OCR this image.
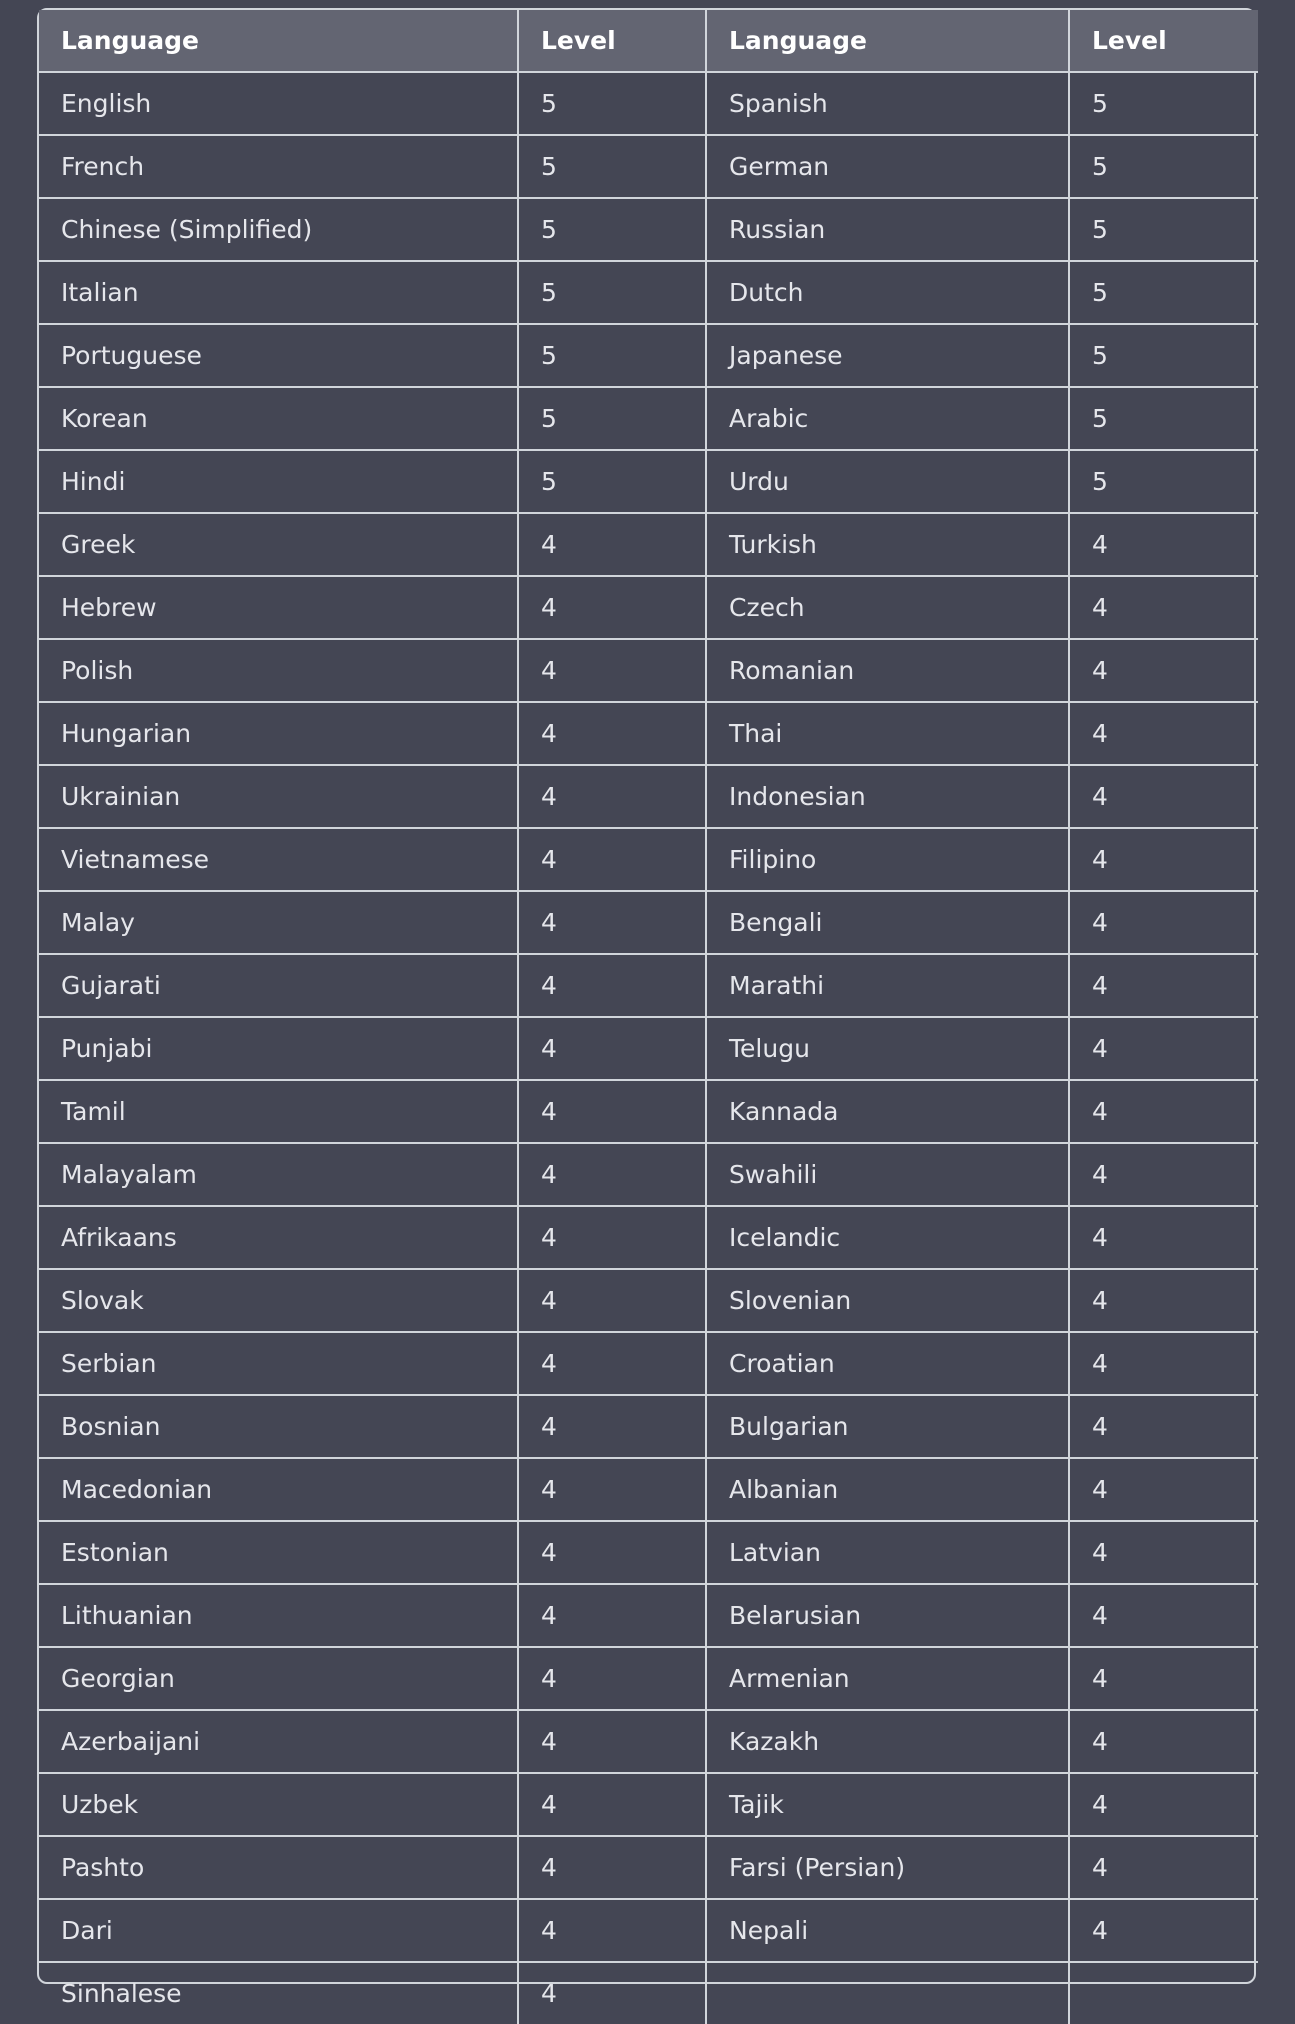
Language	Level	Language	Level
English	5	Spanish	5
French	5	German	5
Chinese (Simplified)	5	Russian	5
Italian	5	Dutch	5
Portuguese	5	Japanese	5
Korean	5	Arabic	5
Hindi	5	Urdu	5
Greek	4	Turkish	4
Hebrew	4	Czech	4
Polish	4	Romanian	4
Hungarian	4	Thai	4
Ukrainian	4	Indonesian	4
Vietnamese	4	Filipino	4
Malay	4	Bengali	4
Gujarati	4	Marathi	4
Punjabi	4	Telugu	4
Tamil	4	Kannada	4
Malayalam	4	Swahili	4
Afrikaans	4	Icelandic	4
Slovak	4	Slovenian	4
Serbian	4	Croatian	4
Bosnian	4	Bulgarian	4
Macedonian	4	Albanian	4
Estonian	4	Latvian	4
Lithuanian	4	Belarusian	4
Georgian	4	Armenian	4
Azerbaijani	4	Kazakh	4
Uzbek	4	Tajik	4
Pashto	4	Farsi (Persian)	4
Dari	4	Nepali	4
Sinhalese	4		
